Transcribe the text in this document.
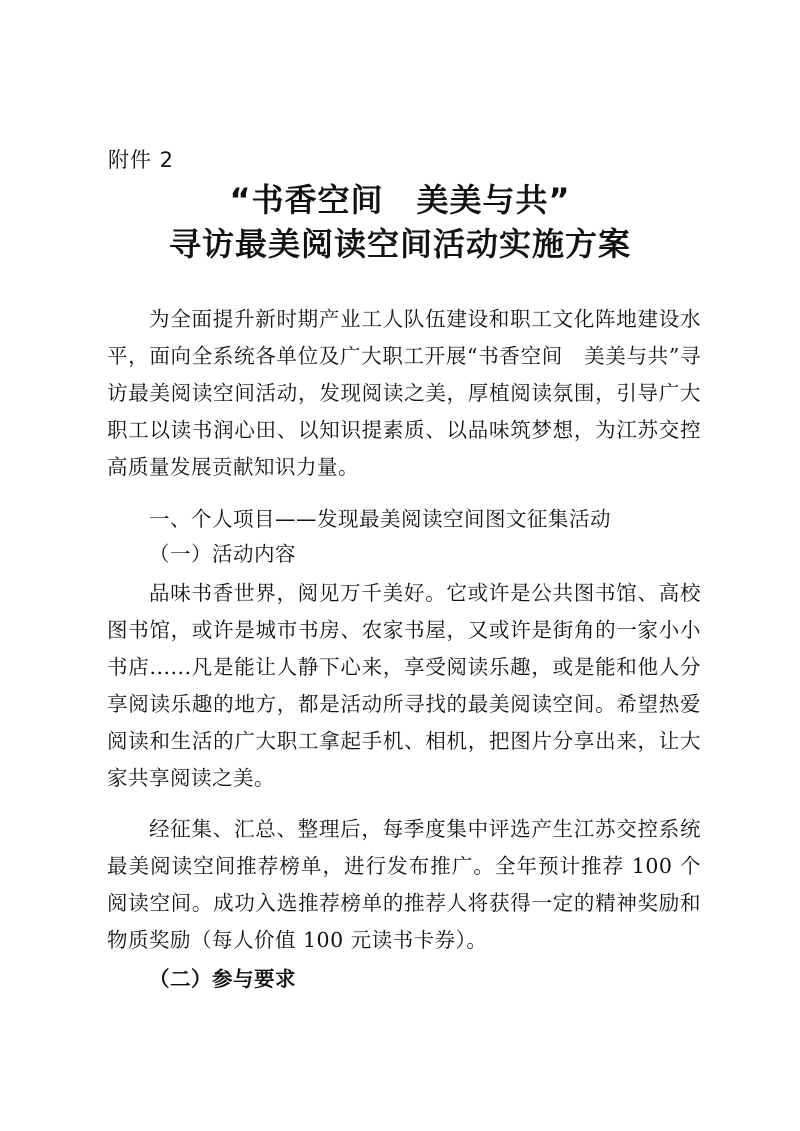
附件 2
“书香空间　美美与共”
寻访最美阅读空间活动实施方案

为全面提升新时期产业工人队伍建设和职工文化阵地建设水平，面向全系统各单位及广大职工开展“书香空间　美美与共”寻访最美阅读空间活动，发现阅读之美，厚植阅读氛围，引导广大职工以读书润心田、以知识提素质、以品味筑梦想，为江苏交控高质量发展贡献知识力量。

一、个人项目——发现最美阅读空间图文征集活动
（一）活动内容

品味书香世界，阅见万千美好。它或许是公共图书馆、高校图书馆，或许是城市书房、农家书屋，又或许是街角的一家小小书店......凡是能让人静下心来，享受阅读乐趣，或是能和他人分享阅读乐趣的地方，都是活动所寻找的最美阅读空间。希望热爱阅读和生活的广大职工拿起手机、相机，把图片分享出来，让大家共享阅读之美。

经征集、汇总、整理后，每季度集中评选产生江苏交控系统最美阅读空间推荐榜单，进行发布推广。全年预计推荐 100 个阅读空间。成功入选推荐榜单的推荐人将获得一定的精神奖励和物质奖励（每人价值 100 元读书卡券）。

（二）参与要求
